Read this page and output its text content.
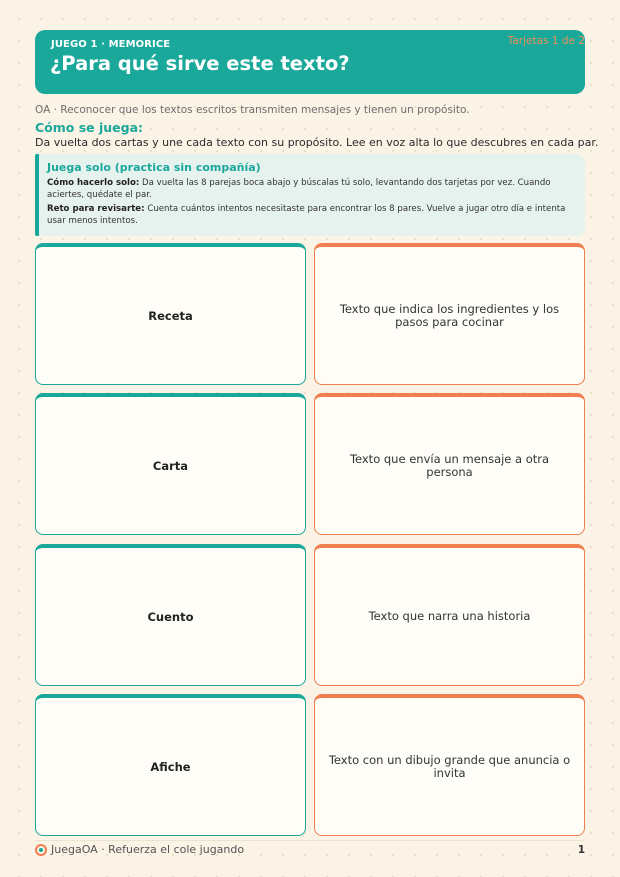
JUEGO 1 · MEMORICE
¿Para qué sirve este texto?
Tarjetas 1 de 2
OA · Reconocer que los textos escritos transmiten mensajes y tienen un propósito.
Cómo se juega:
Da vuelta dos cartas y une cada texto con su propósito. Lee en voz alta lo que descubres en cada par.
Juega solo (practica sin compañía)
Cómo hacerlo solo: Da vuelta las 8 parejas boca abajo y búscalas tú solo, levantando dos tarjetas por vez. Cuando aciertes, quédate el par.
Reto para revisarte: Cuenta cuántos intentos necesitaste para encontrar los 8 pares. Vuelve a jugar otro día e intenta usar menos intentos.
Receta	Texto que indica los ingredientes y los pasos para cocinar
Carta	Texto que envía un mensaje a otra persona
Cuento	Texto que narra una historia
Afiche	Texto con un dibujo grande que anuncia o invita
JuegaOA · Refuerza el cole jugando	1
